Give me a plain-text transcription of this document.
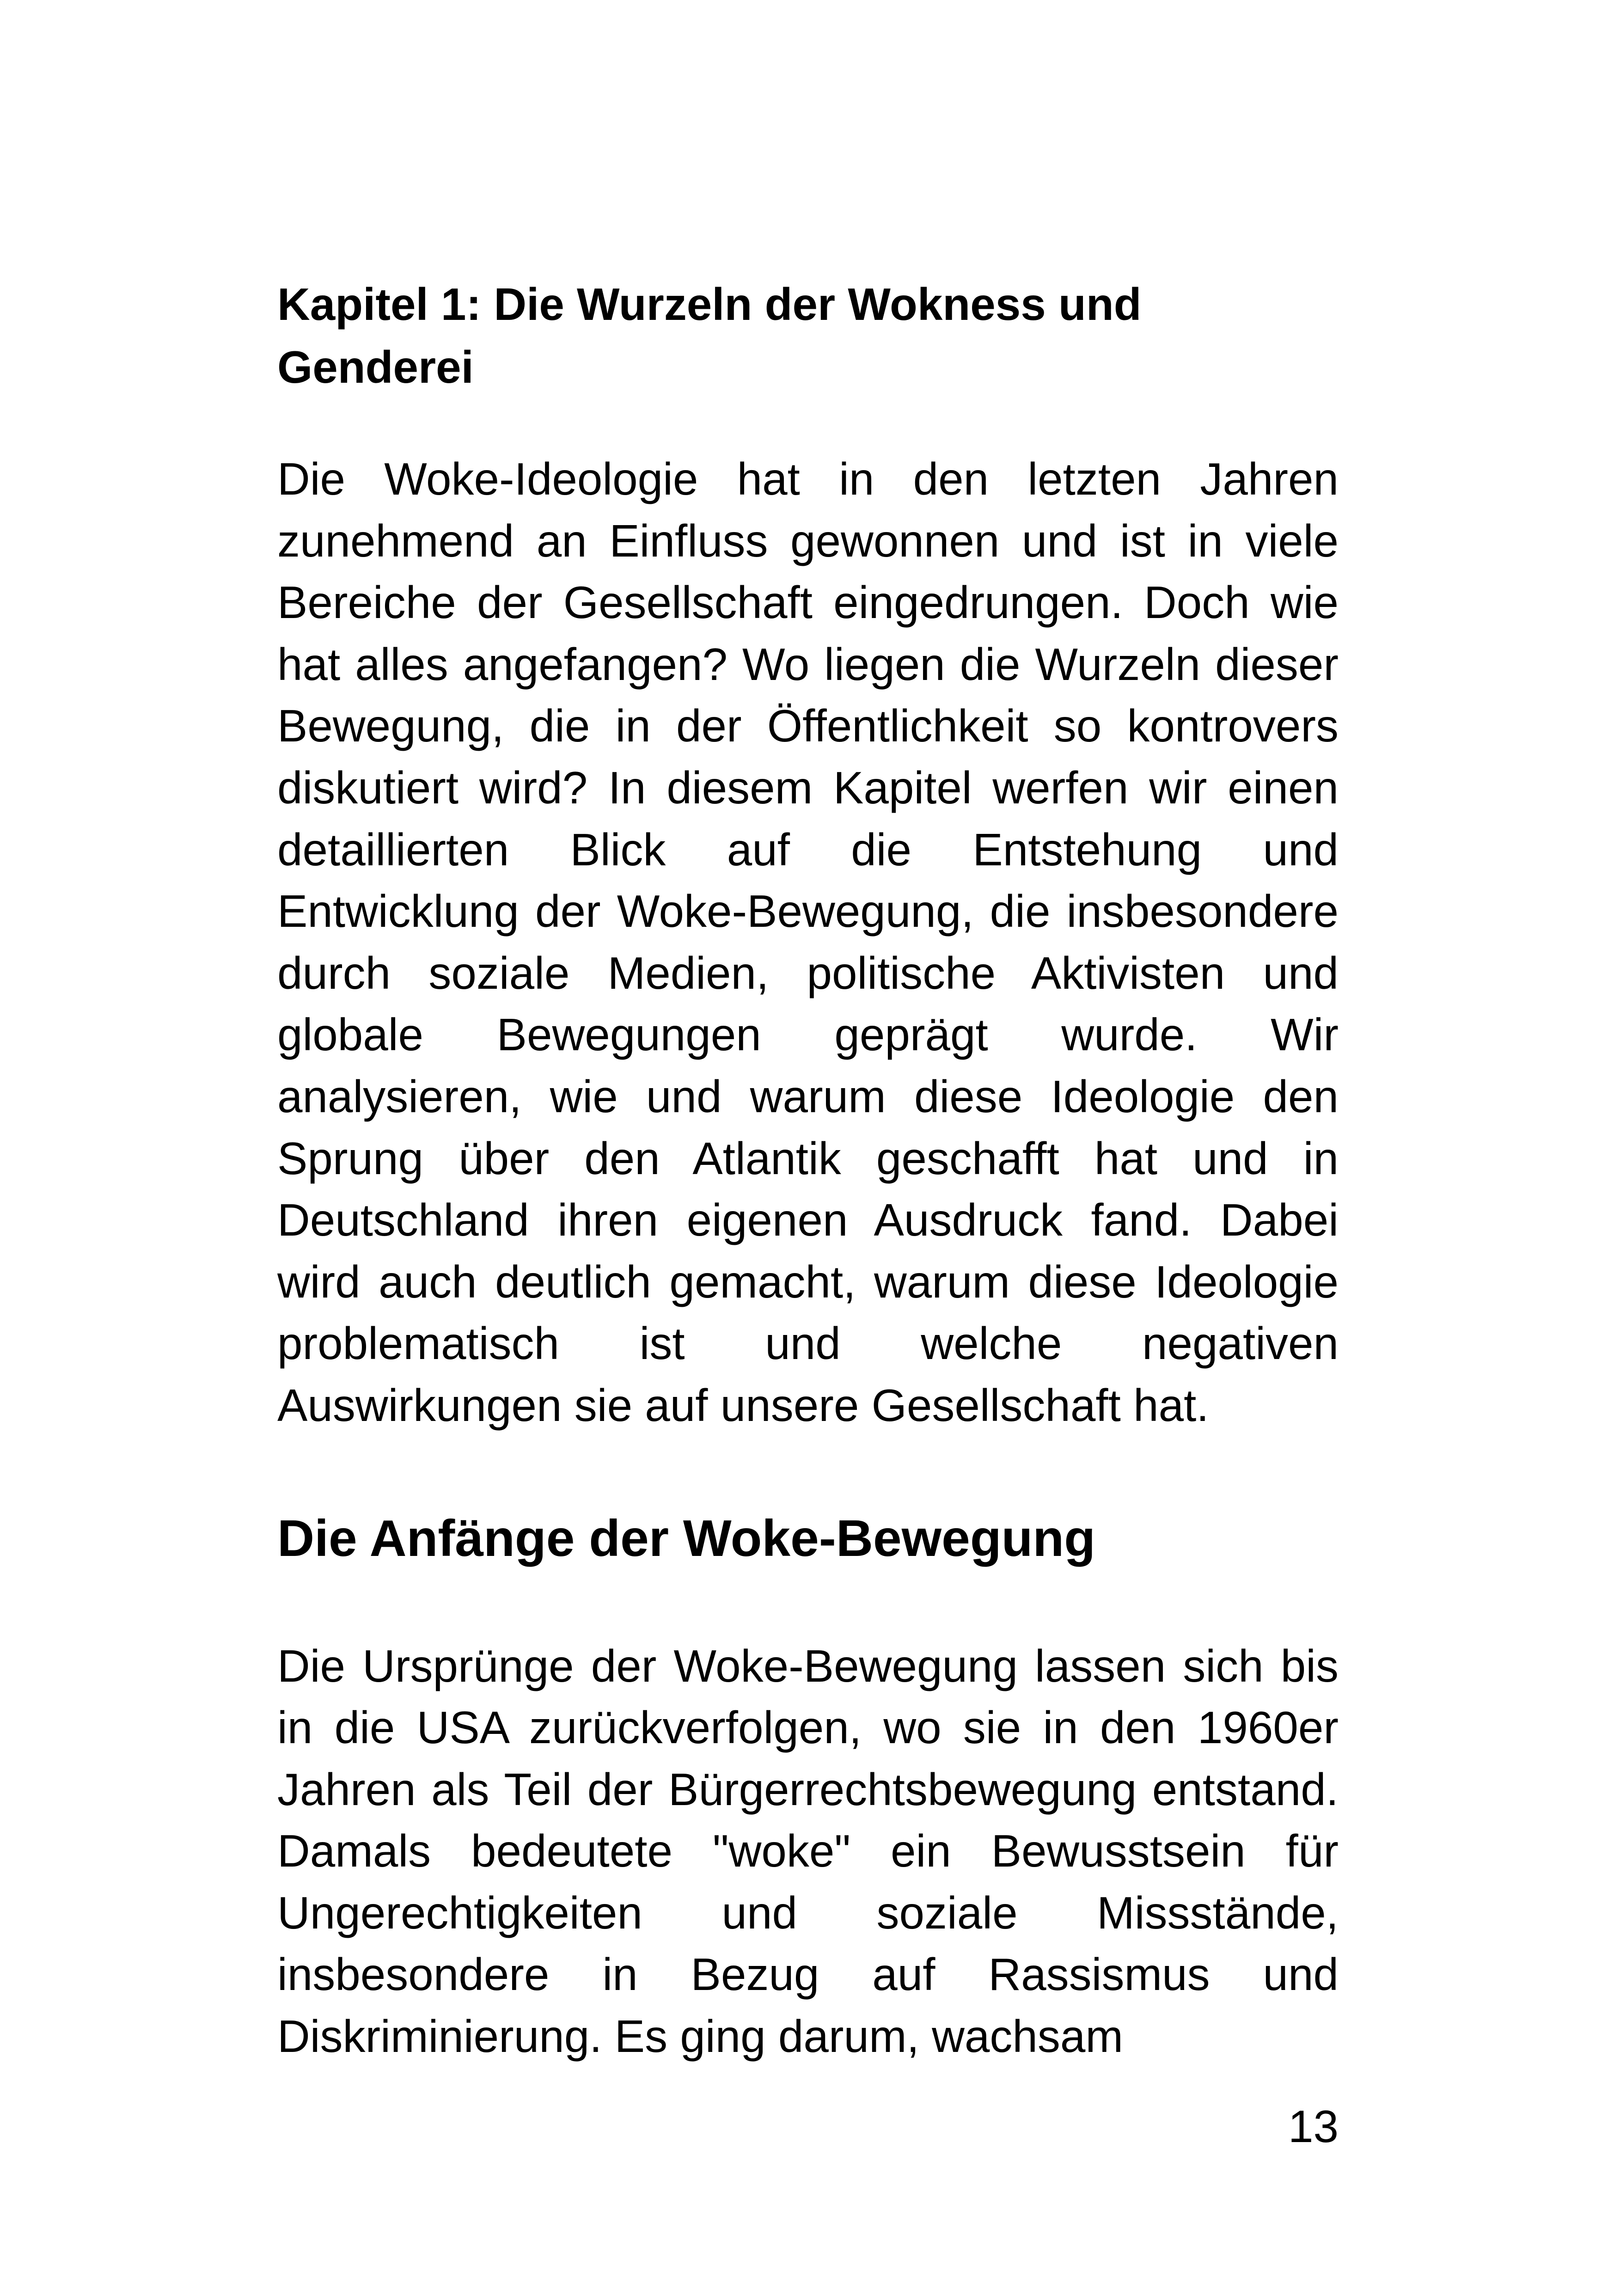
Kapitel 1: Die Wurzeln der Wokness und
Genderei

Die Woke-Ideologie hat in den letzten Jahren zunehmend an Einfluss gewonnen und ist in viele Bereiche der Gesellschaft eingedrungen. Doch wie hat alles angefangen? Wo liegen die Wurzeln dieser Bewegung, die in der Öffentlichkeit so kontrovers diskutiert wird? In diesem Kapitel werfen wir einen detaillierten Blick auf die Entstehung und Entwicklung der Woke-Bewegung, die insbesondere durch soziale Medien, politische Aktivisten und globale Bewegungen geprägt wurde. Wir analysieren, wie und warum diese Ideologie den Sprung über den Atlantik geschafft hat und in Deutschland ihren eigenen Ausdruck fand. Dabei wird auch deutlich gemacht, warum diese Ideologie problematisch ist und welche negativen Auswirkungen sie auf unsere Gesellschaft hat.

Die Anfänge der Woke-Bewegung

Die Ursprünge der Woke-Bewegung lassen sich bis in die USA zurückverfolgen, wo sie in den 1960er Jahren als Teil der Bürgerrechtsbewegung entstand. Damals bedeutete "woke" ein Bewusstsein für Ungerechtigkeiten und soziale Missstände, insbesondere in Bezug auf Rassismus und Diskriminierung. Es ging darum, wachsam

13
